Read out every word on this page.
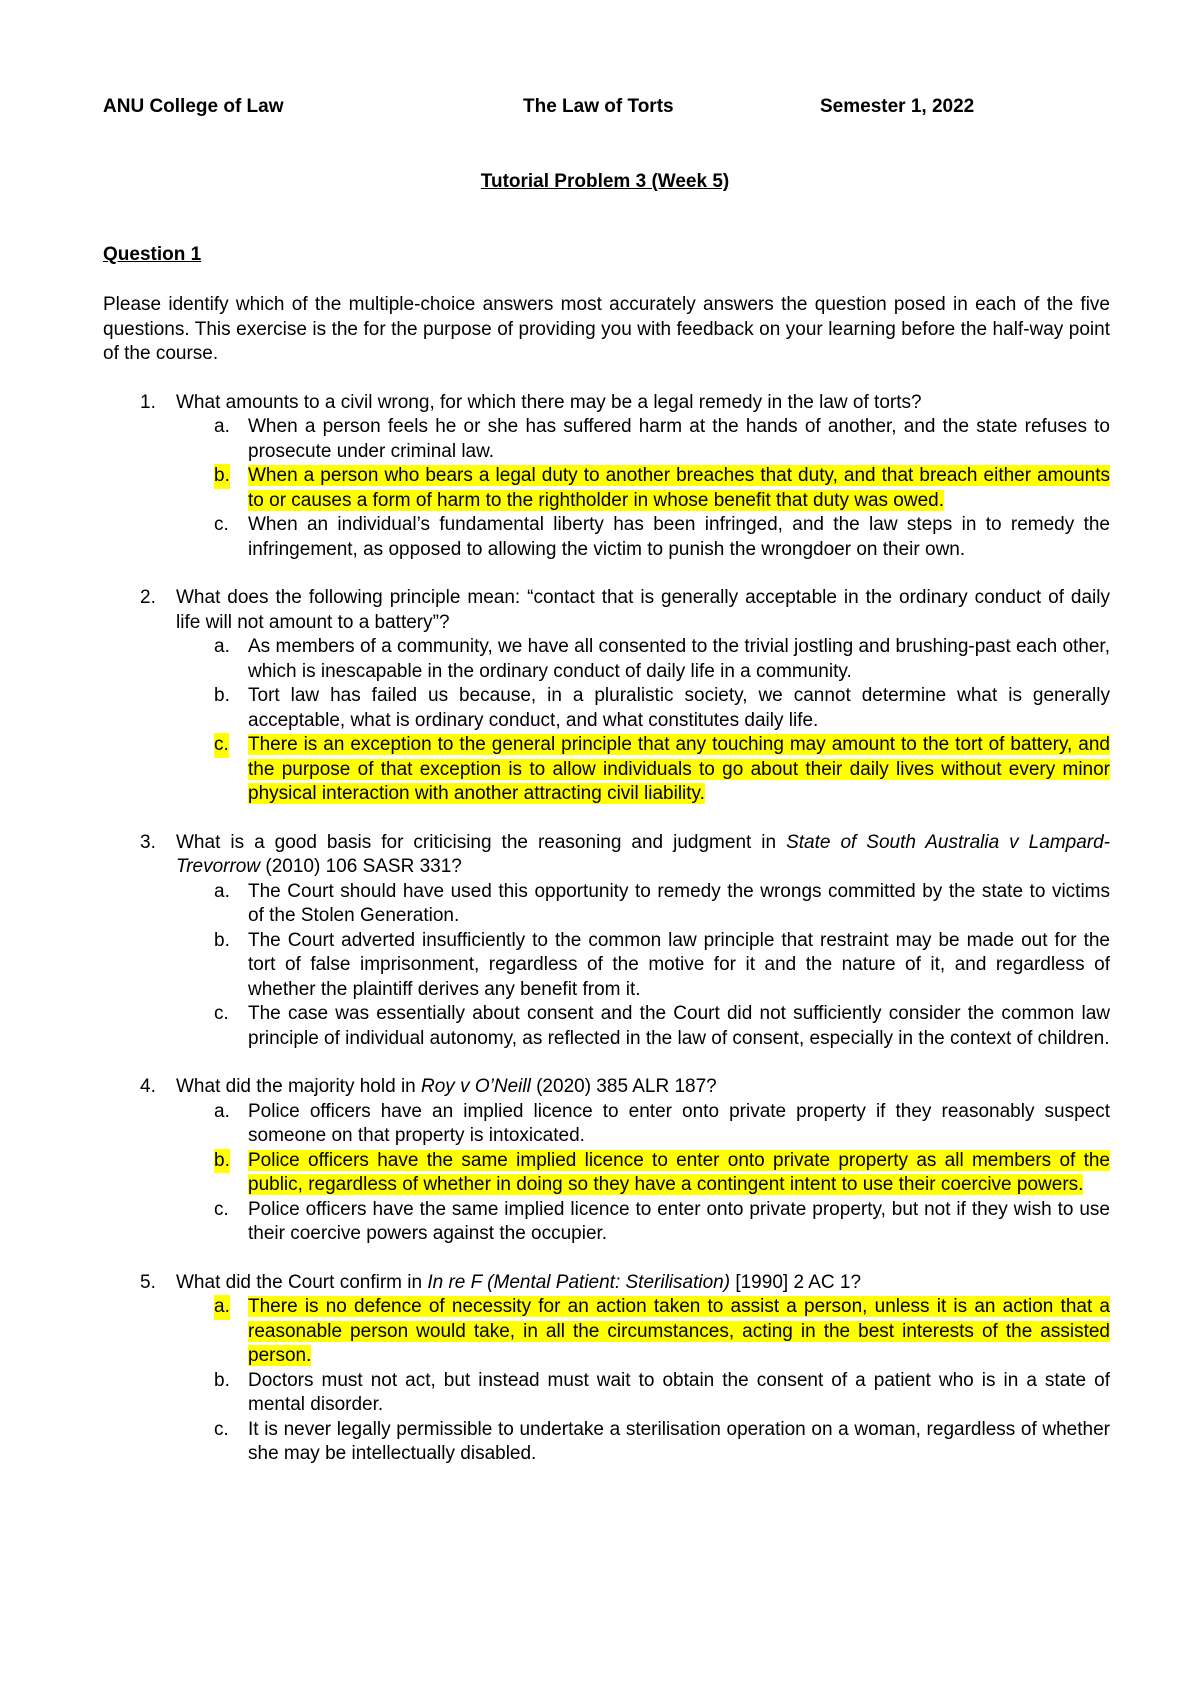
ANU College of Law	The Law of Torts	Semester 1, 2022
Tutorial Problem 3 (Week 5)
Question 1
Please identify which of the multiple-choice answers most accurately answers the question posed in each of the five questions. This exercise is the for the purpose of providing you with feedback on your learning before the half-way point of the course.
1. What amounts to a civil wrong, for which there may be a legal remedy in the law of torts?
a. When a person feels he or she has suffered harm at the hands of another, and the state refuses to prosecute under criminal law.
b. When a person who bears a legal duty to another breaches that duty, and that breach either amounts to or causes a form of harm to the rightholder in whose benefit that duty was owed.
c. When an individual’s fundamental liberty has been infringed, and the law steps in to remedy the infringement, as opposed to allowing the victim to punish the wrongdoer on their own.
2. What does the following principle mean: “contact that is generally acceptable in the ordinary conduct of daily life will not amount to a battery”?
a. As members of a community, we have all consented to the trivial jostling and brushing-past each other, which is inescapable in the ordinary conduct of daily life in a community.
b. Tort law has failed us because, in a pluralistic society, we cannot determine what is generally acceptable, what is ordinary conduct, and what constitutes daily life.
c. There is an exception to the general principle that any touching may amount to the tort of battery, and the purpose of that exception is to allow individuals to go about their daily lives without every minor physical interaction with another attracting civil liability.
3. What is a good basis for criticising the reasoning and judgment in State of South Australia v Lampard-Trevorrow (2010) 106 SASR 331?
a. The Court should have used this opportunity to remedy the wrongs committed by the state to victims of the Stolen Generation.
b. The Court adverted insufficiently to the common law principle that restraint may be made out for the tort of false imprisonment, regardless of the motive for it and the nature of it, and regardless of whether the plaintiff derives any benefit from it.
c. The case was essentially about consent and the Court did not sufficiently consider the common law principle of individual autonomy, as reflected in the law of consent, especially in the context of children.
4. What did the majority hold in Roy v O’Neill (2020) 385 ALR 187?
a. Police officers have an implied licence to enter onto private property if they reasonably suspect someone on that property is intoxicated.
b. Police officers have the same implied licence to enter onto private property as all members of the public, regardless of whether in doing so they have a contingent intent to use their coercive powers.
c. Police officers have the same implied licence to enter onto private property, but not if they wish to use their coercive powers against the occupier.
5. What did the Court confirm in In re F (Mental Patient: Sterilisation) [1990] 2 AC 1?
a. There is no defence of necessity for an action taken to assist a person, unless it is an action that a reasonable person would take, in all the circumstances, acting in the best interests of the assisted person.
b. Doctors must not act, but instead must wait to obtain the consent of a patient who is in a state of mental disorder.
c. It is never legally permissible to undertake a sterilisation operation on a woman, regardless of whether she may be intellectually disabled.
